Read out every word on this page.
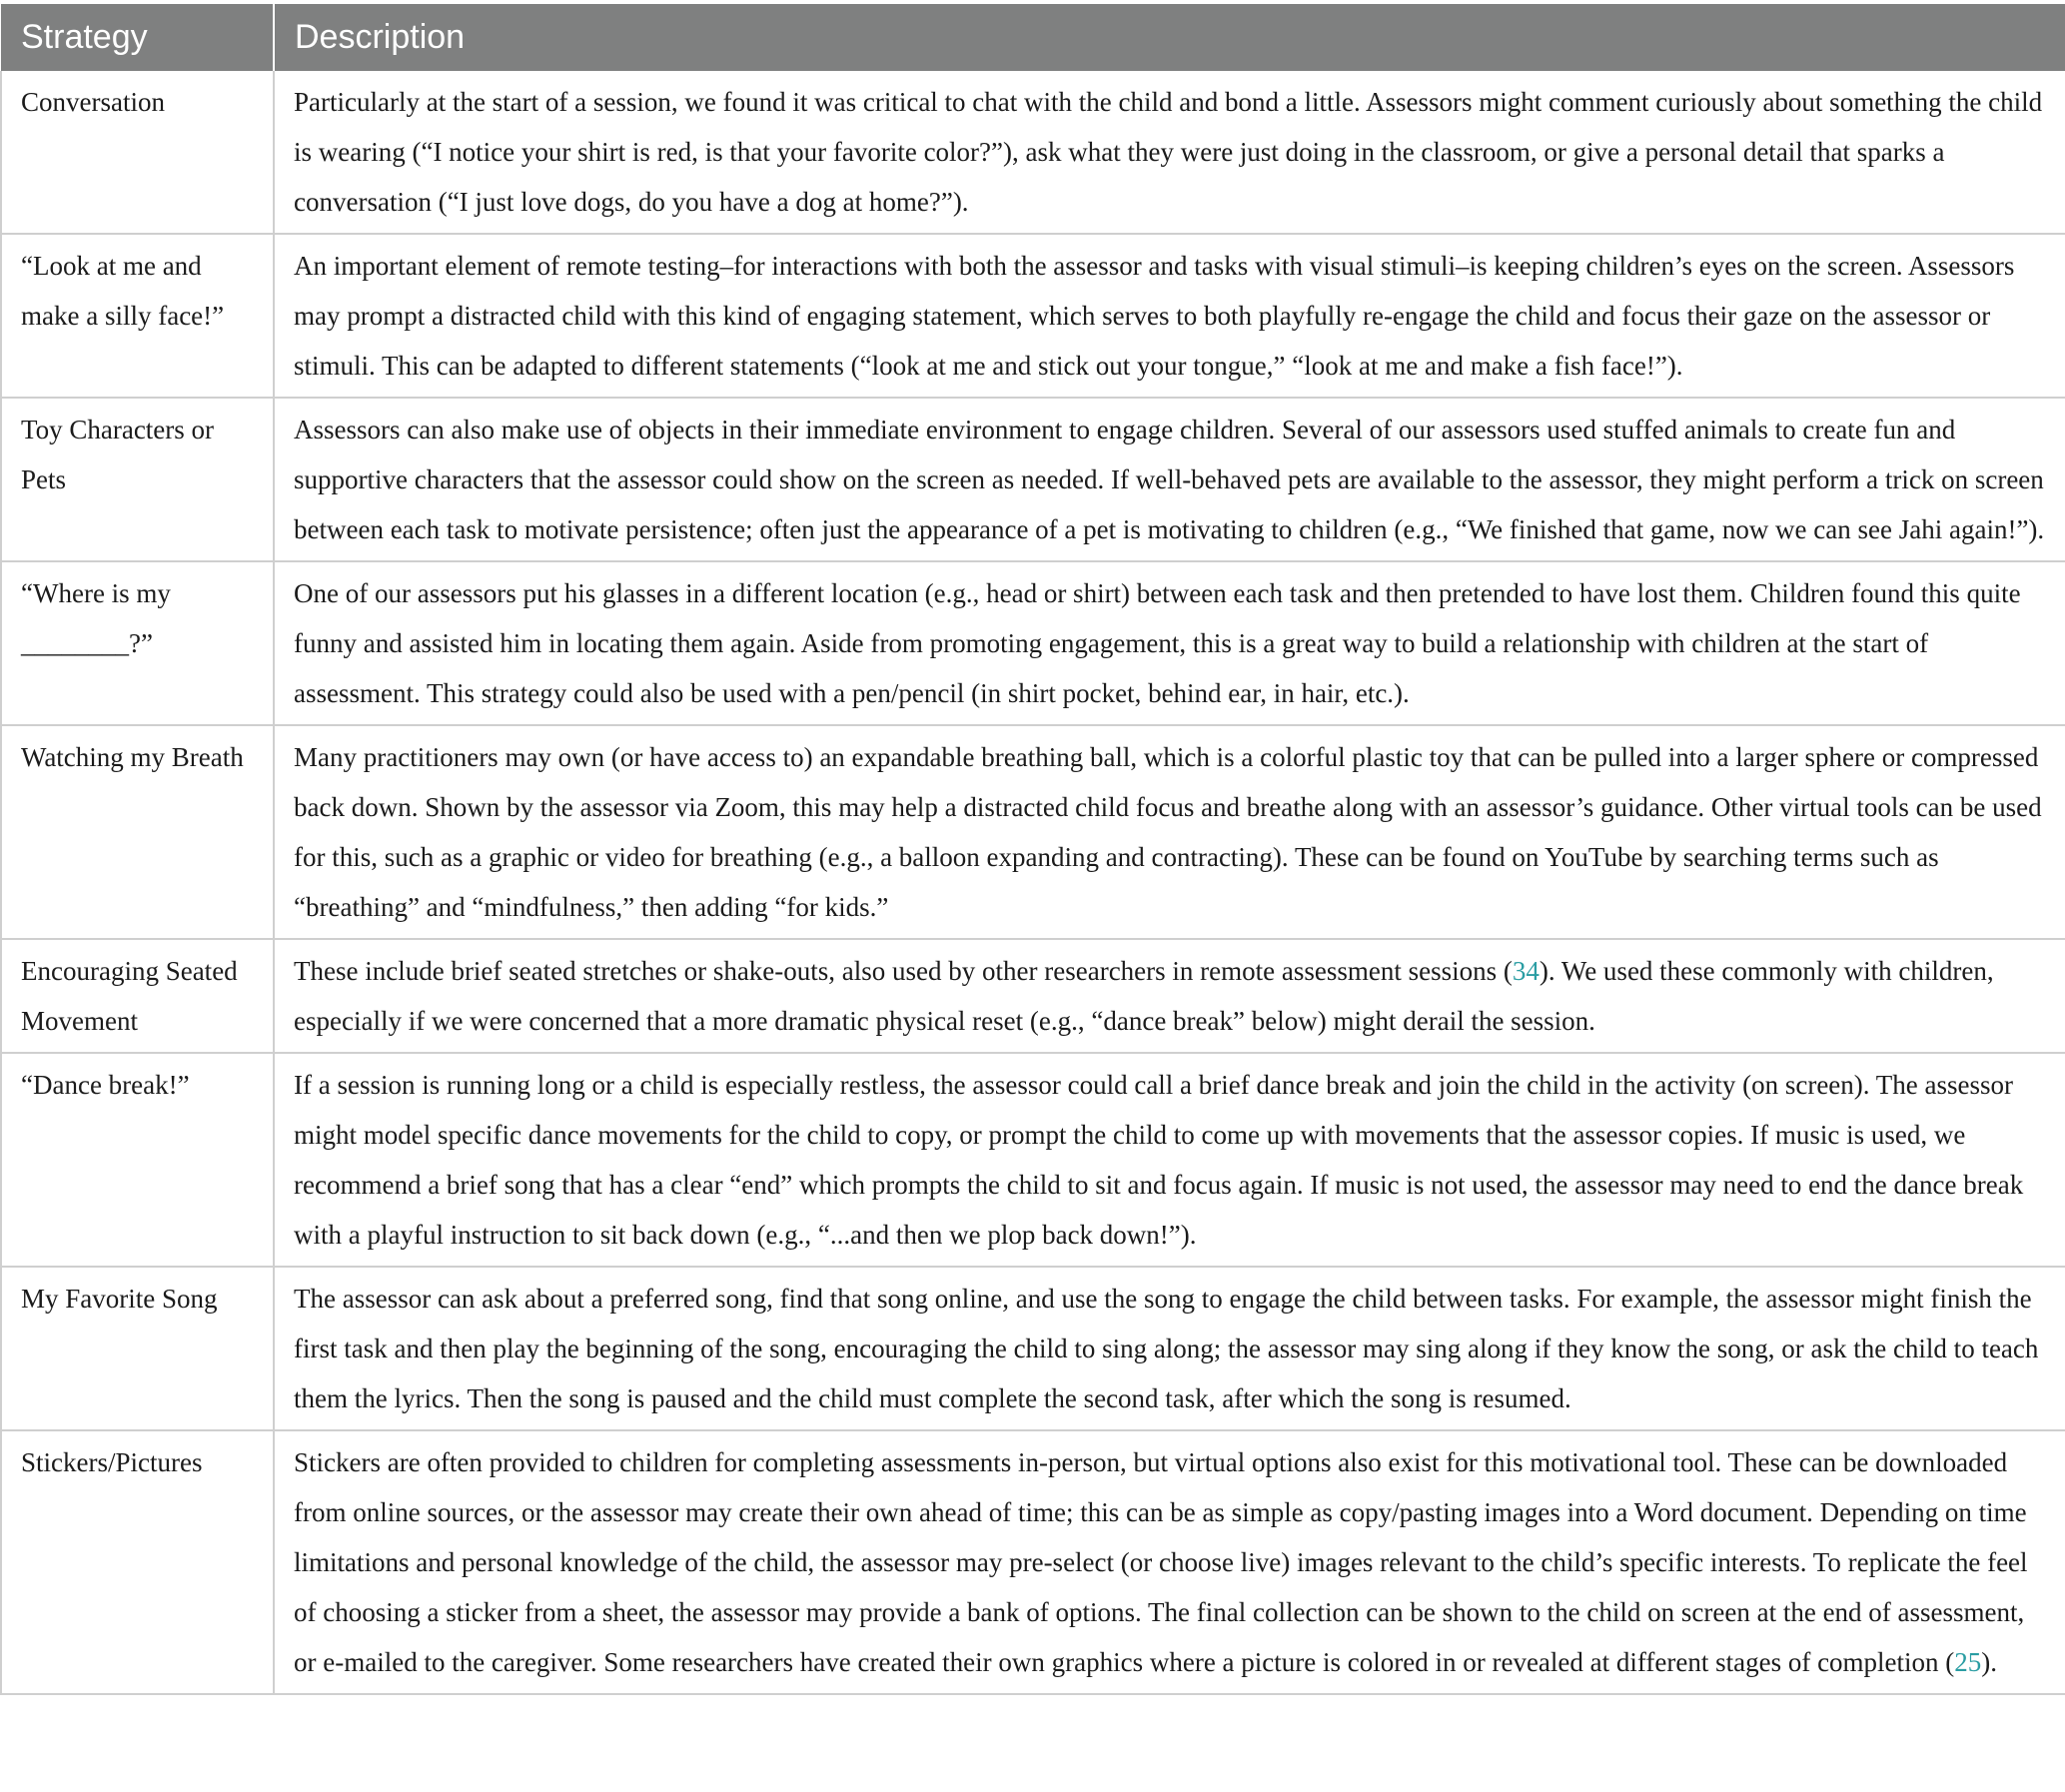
Strategy	Description
Conversation	Particularly at the start of a session, we found it was critical to chat with the child and bond a little. Assessors might comment curiously about something the child is wearing (“I notice your shirt is red, is that your favorite color?”), ask what they were just doing in the classroom, or give a personal detail that sparks a conversation (“I just love dogs, do you have a dog at home?”).
“Look at me and make a silly face!”	An important element of remote testing–for interactions with both the assessor and tasks with visual stimuli–is keeping children’s eyes on the screen. Assessors may prompt a distracted child with this kind of engaging statement, which serves to both playfully re-engage the child and focus their gaze on the assessor or stimuli. This can be adapted to different statements (“look at me and stick out your tongue,” “look at me and make a fish face!”).
Toy Characters or Pets	Assessors can also make use of objects in their immediate environment to engage children. Several of our assessors used stuffed animals to create fun and supportive characters that the assessor could show on the screen as needed. If well-behaved pets are available to the assessor, they might perform a trick on screen between each task to motivate persistence; often just the appearance of a pet is motivating to children (e.g., “We finished that game, now we can see Jahi again!”).
“Where is my ________?”	One of our assessors put his glasses in a different location (e.g., head or shirt) between each task and then pretended to have lost them. Children found this quite funny and assisted him in locating them again. Aside from promoting engagement, this is a great way to build a relationship with children at the start of assessment. This strategy could also be used with a pen/pencil (in shirt pocket, behind ear, in hair, etc.).
Watching my Breath	Many practitioners may own (or have access to) an expandable breathing ball, which is a colorful plastic toy that can be pulled into a larger sphere or compressed back down. Shown by the assessor via Zoom, this may help a distracted child focus and breathe along with an assessor’s guidance. Other virtual tools can be used for this, such as a graphic or video for breathing (e.g., a balloon expanding and contracting). These can be found on YouTube by searching terms such as “breathing” and “mindfulness,” then adding “for kids.”
Encouraging Seated Movement	These include brief seated stretches or shake-outs, also used by other researchers in remote assessment sessions (34). We used these commonly with children, especially if we were concerned that a more dramatic physical reset (e.g., “dance break” below) might derail the session.
“Dance break!”	If a session is running long or a child is especially restless, the assessor could call a brief dance break and join the child in the activity (on screen). The assessor might model specific dance movements for the child to copy, or prompt the child to come up with movements that the assessor copies. If music is used, we recommend a brief song that has a clear “end” which prompts the child to sit and focus again. If music is not used, the assessor may need to end the dance break with a playful instruction to sit back down (e.g., “...and then we plop back down!”).
My Favorite Song	The assessor can ask about a preferred song, find that song online, and use the song to engage the child between tasks. For example, the assessor might finish the first task and then play the beginning of the song, encouraging the child to sing along; the assessor may sing along if they know the song, or ask the child to teach them the lyrics. Then the song is paused and the child must complete the second task, after which the song is resumed.
Stickers/Pictures	Stickers are often provided to children for completing assessments in-person, but virtual options also exist for this motivational tool. These can be downloaded from online sources, or the assessor may create their own ahead of time; this can be as simple as copy/pasting images into a Word document. Depending on time limitations and personal knowledge of the child, the assessor may pre-select (or choose live) images relevant to the child’s specific interests. To replicate the feel of choosing a sticker from a sheet, the assessor may provide a bank of options. The final collection can be shown to the child on screen at the end of assessment, or e-mailed to the caregiver. Some researchers have created their own graphics where a picture is colored in or revealed at different stages of completion (25).
